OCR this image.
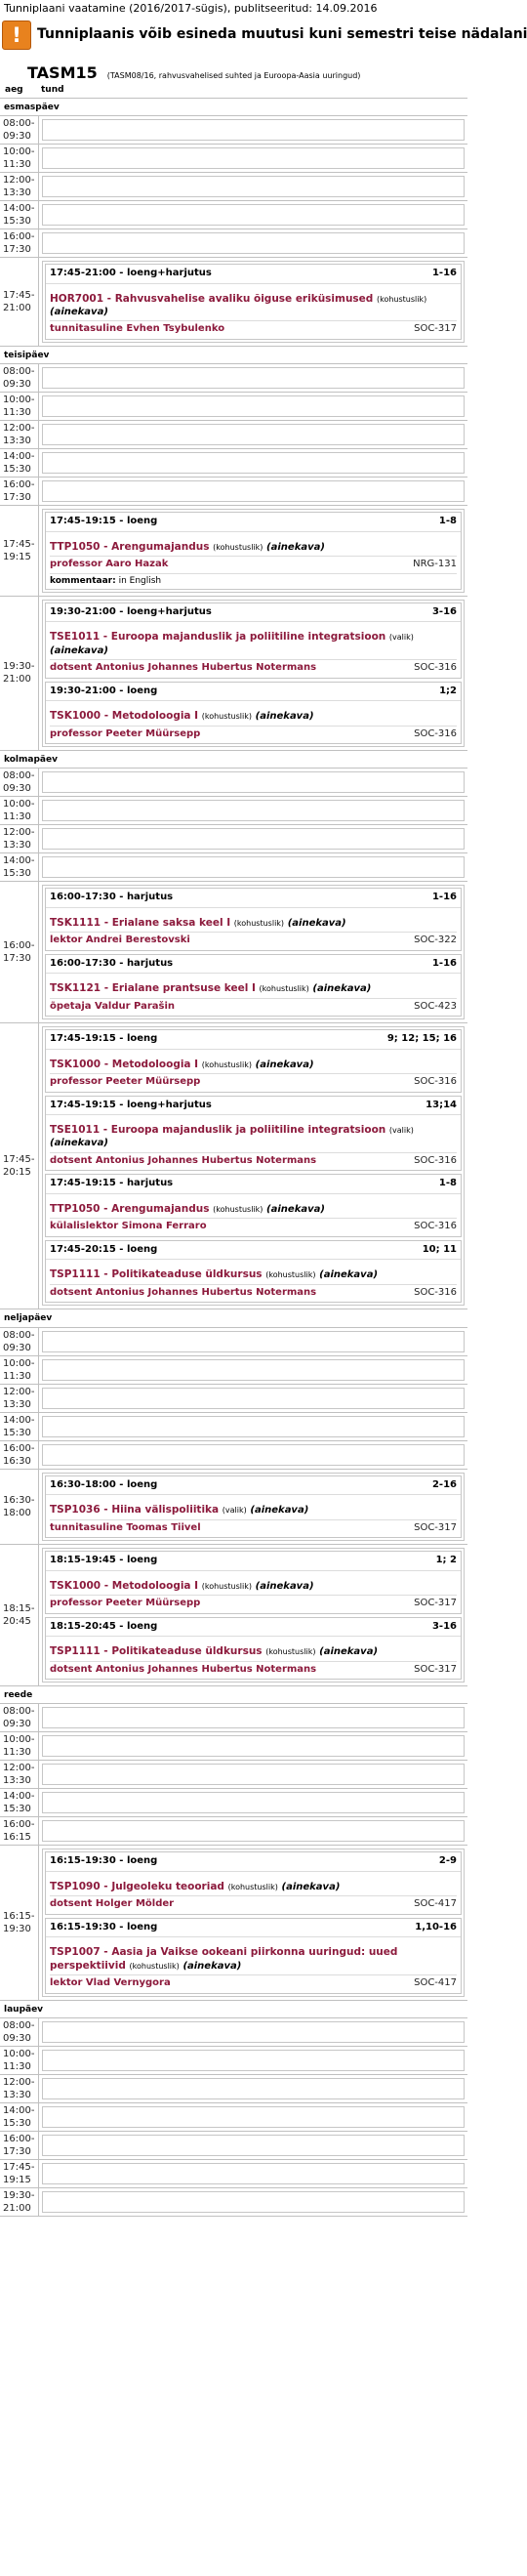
Tunniplaani vaatamine (2016/2017-sügis), publitseeritud: 14.09.2016
!	Tunniplaanis võib esineda muutusi kuni semestri teise nädalani
TASM15 (TASM08/16, rahvusvahelised suhted ja Euroopa-Aasia uuringud)
aeg	tund
esmaspäev
08:00-09:30
10:00-11:30
12:00-13:30
14:00-15:30
16:00-17:30
17:45-21:00
17:45-21:00 - loeng+harjutus	1-16
HOR7001 - Rahvusvahelise avaliku õiguse eriküsimused (kohustuslik) (ainekava)
tunnitasuline Evhen Tsybulenko	SOC-317
teisipäev
08:00-09:30
10:00-11:30
12:00-13:30
14:00-15:30
16:00-17:30
17:45-19:15
17:45-19:15 - loeng	1-8
TTP1050 - Arengumajandus (kohustuslik) (ainekava)
professor Aaro Hazak	NRG-131
kommentaar: in English
19:30-21:00
19:30-21:00 - loeng+harjutus	3-16
TSE1011 - Euroopa majanduslik ja poliitiline integratsioon (valik) (ainekava)
dotsent Antonius Johannes Hubertus Notermans	SOC-316
19:30-21:00 - loeng	1;2
TSK1000 - Metodoloogia I (kohustuslik) (ainekava)
professor Peeter Müürsepp	SOC-316
kolmapäev
08:00-09:30
10:00-11:30
12:00-13:30
14:00-15:30
16:00-17:30
16:00-17:30 - harjutus	1-16
TSK1111 - Erialane saksa keel I (kohustuslik) (ainekava)
lektor Andrei Berestovski	SOC-322
16:00-17:30 - harjutus	1-16
TSK1121 - Erialane prantsuse keel I (kohustuslik) (ainekava)
õpetaja Valdur Parašin	SOC-423
17:45-20:15
17:45-19:15 - loeng	9; 12; 15; 16
TSK1000 - Metodoloogia I (kohustuslik) (ainekava)
professor Peeter Müürsepp	SOC-316
17:45-19:15 - loeng+harjutus	13;14
TSE1011 - Euroopa majanduslik ja poliitiline integratsioon (valik) (ainekava)
dotsent Antonius Johannes Hubertus Notermans	SOC-316
17:45-19:15 - harjutus	1-8
TTP1050 - Arengumajandus (kohustuslik) (ainekava)
külalislektor Simona Ferraro	SOC-316
17:45-20:15 - loeng	10; 11
TSP1111 - Politikateaduse üldkursus (kohustuslik) (ainekava)
dotsent Antonius Johannes Hubertus Notermans	SOC-316
neljapäev
08:00-09:30
10:00-11:30
12:00-13:30
14:00-15:30
16:00-16:30
16:30-18:00
16:30-18:00 - loeng	2-16
TSP1036 - Hiina välispoliitika (valik) (ainekava)
tunnitasuline Toomas Tiivel	SOC-317
18:15-20:45
18:15-19:45 - loeng	1; 2
TSK1000 - Metodoloogia I (kohustuslik) (ainekava)
professor Peeter Müürsepp	SOC-317
18:15-20:45 - loeng	3-16
TSP1111 - Politikateaduse üldkursus (kohustuslik) (ainekava)
dotsent Antonius Johannes Hubertus Notermans	SOC-317
reede
08:00-09:30
10:00-11:30
12:00-13:30
14:00-15:30
16:00-16:15
16:15-19:30
16:15-19:30 - loeng	2-9
TSP1090 - Julgeoleku teooriad (kohustuslik) (ainekava)
dotsent Holger Mölder	SOC-417
16:15-19:30 - loeng	1,10-16
TSP1007 - Aasia ja Vaikse ookeani piirkonna uuringud: uued perspektiivid (kohustuslik) (ainekava)
lektor Vlad Vernygora	SOC-417
laupäev
08:00-09:30
10:00-11:30
12:00-13:30
14:00-15:30
16:00-17:30
17:45-19:15
19:30-21:00
